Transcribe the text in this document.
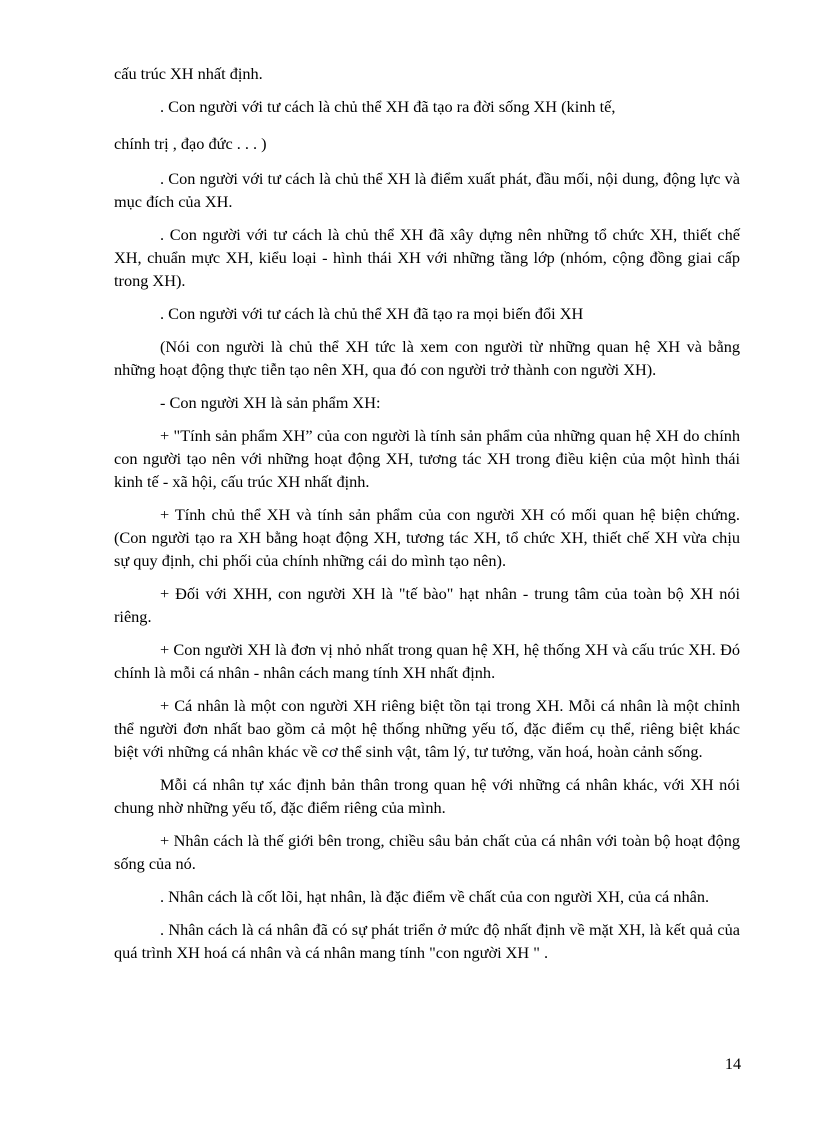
cấu trúc XH nhất định.

. Con người với tư cách là chủ thể XH đã tạo ra đời sống XH (kinh tế,

chính trị , đạo đức . . . )

. Con người với tư cách là chủ thể XH là điểm xuất phát, đầu mối, nội dung, động lực và mục đích của XH.

. Con người với tư cách là chủ thể XH đã xây dựng nên những tổ chức XH, thiết chế XH, chuẩn mực XH, kiểu loại - hình thái XH với những tầng lớp (nhóm, cộng đồng giai cấp trong XH).

. Con người với tư cách là chủ thể XH đã tạo ra mọi biến đổi XH

(Nói con người là chủ thể XH tức là xem con người từ những quan hệ XH và bằng những hoạt động thực tiễn tạo nên XH, qua đó con người trở thành con người XH).

- Con người XH là sản phẩm XH:

+ "Tính sản phẩm XH” của con người là tính sản phẩm của những quan hệ XH do chính con người tạo nên với những hoạt động XH, tương tác XH trong điều kiện của một hình thái kinh tế - xã hội, cấu trúc XH nhất định.

+ Tính chủ thể XH và tính sản phẩm của con người XH có mối quan hệ biện chứng. (Con người tạo ra XH bằng hoạt động XH, tương tác XH, tổ chức XH, thiết chế XH vừa chịu sự quy định, chi phối của chính những cái do mình tạo nên).

+ Đối với XHH, con người XH là "tế bào" hạt nhân - trung tâm của toàn bộ XH nói riêng.

+ Con người XH là đơn vị nhỏ nhất trong quan hệ XH, hệ thống XH và cấu trúc XH. Đó chính là mỗi cá nhân - nhân cách mang tính XH nhất định.

+ Cá nhân là một con người XH riêng biệt tồn tại trong XH. Mỗi cá nhân là một chỉnh thể người đơn nhất bao gồm cả một hệ thống những yếu tố, đặc điểm cụ thể, riêng biệt khác biệt với những cá nhân khác về cơ thể sinh vật, tâm lý, tư tưởng, văn hoá, hoàn cảnh sống.

Mỗi cá nhân tự xác định bản thân trong quan hệ với những cá nhân khác, với XH nói chung nhờ những yếu tố, đặc điểm riêng của mình.

+ Nhân cách là thế giới bên trong, chiều sâu bản chất của cá nhân với toàn bộ hoạt động sống của nó.

. Nhân cách là cốt lõi, hạt nhân, là đặc điểm về chất của con người XH, của cá nhân.

. Nhân cách là cá nhân đã có sự phát triển ở mức độ nhất định về mặt XH, là kết quả của quá trình XH hoá cá nhân và cá nhân mang tính "con người XH " .

14
